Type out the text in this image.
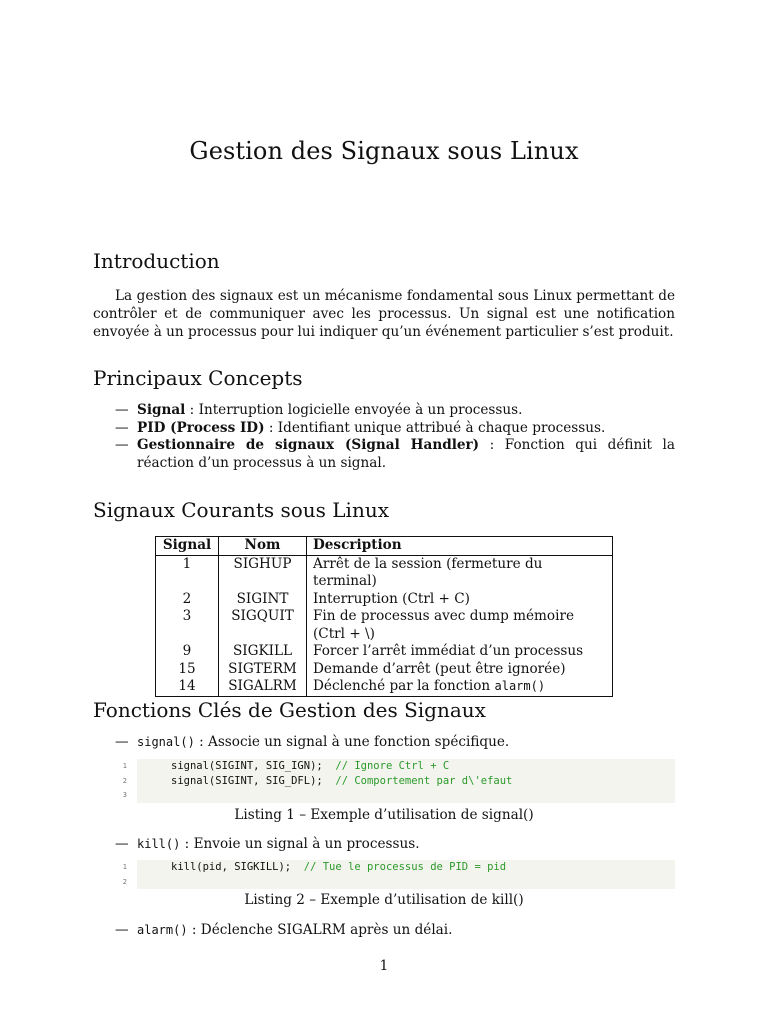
Gestion des Signaux sous Linux
Introduction

La gestion des signaux est un mécanisme fondamental sous Linux permettant de contrôler et de communiquer avec les processus. Un signal est une notification envoyée à un processus pour lui indiquer qu’un événement particulier s’est produit.

Principaux Concepts
— Signal : Interruption logicielle envoyée à un processus.
— PID (Process ID) : Identifiant unique attribué à chaque processus.
— Gestionnaire de signaux (Signal Handler) : Fonction qui définit la réaction d’un processus à un signal.
Signaux Courants sous Linux
Signal	Nom	Description
1	SIGHUP	Arrêt de la session (fermeture du terminal)
2	SIGINT	Interruption (Ctrl + C)
3	SIGQUIT	Fin de processus avec dump mémoire (Ctrl + \)
9	SIGKILL	Forcer l’arrêt immédiat d’un processus
15	SIGTERM	Demande d’arrêt (peut être ignorée)
14	SIGALRM	Déclenché par la fonction alarm()
Fonctions Clés de Gestion des Signaux
— signal() : Associe un signal à une fonction spécifique.
1	signal(SIGINT, SIG_IGN);  // Ignore Ctrl + C
2	signal(SIGINT, SIG_DFL);  // Comportement par d\'efaut
3

Listing 1 – Exemple d’utilisation de signal()

— kill() : Envoie un signal à un processus.
1	kill(pid, SIGKILL);  // Tue le processus de PID = pid
2

Listing 2 – Exemple d’utilisation de kill()

— alarm() : Déclenche SIGALRM après un délai.
1
